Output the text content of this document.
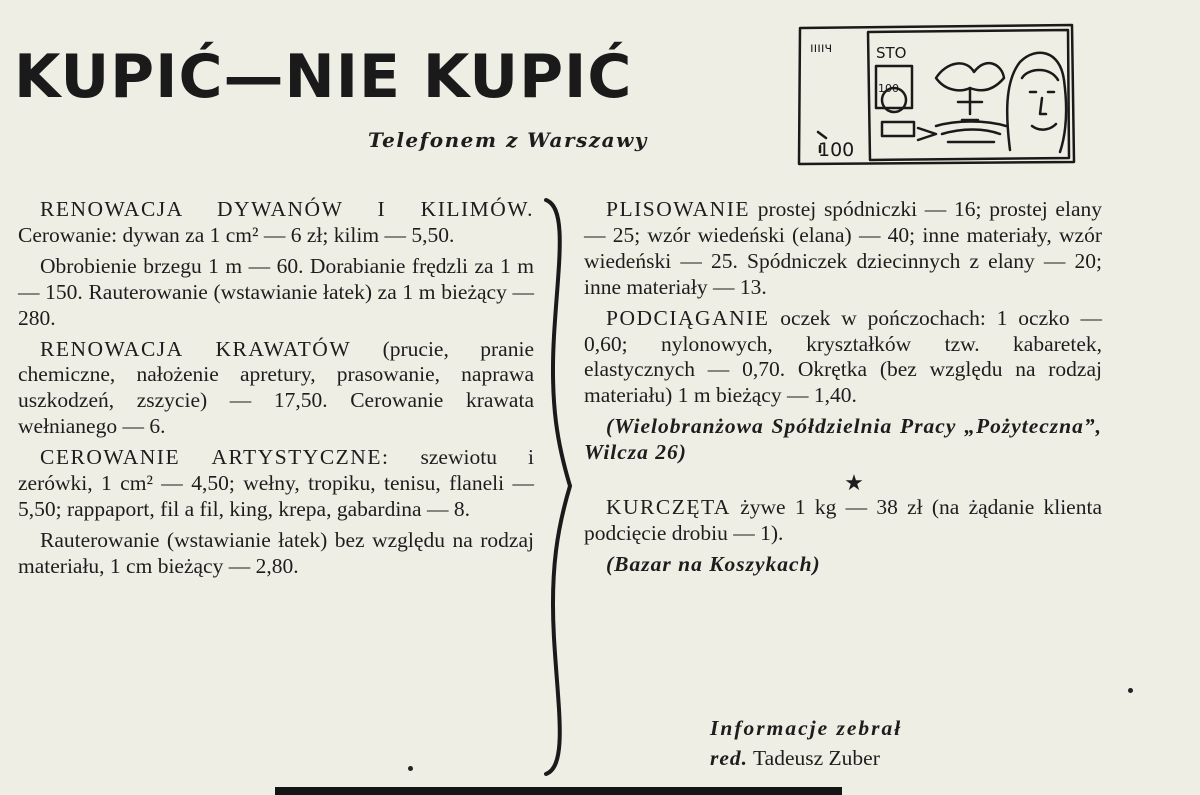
KUPIĆ—NIE KUPIĆ
Telefonem z Warszawy
ııııч	STO
100
100

RENOWACJA DYWANÓW I KILIMÓW. Cerowanie: dywan za 1 cm² — 6 zł; kilim — 5,50.

Obrobienie brzegu 1 m — 60. Dorabianie frędzli za 1 m — 150. Rauterowanie (wstawianie łatek) za 1 m bieżący — 280.

RENOWACJA KRAWATÓW (prucie, pranie chemiczne, nałożenie apretury, prasowanie, naprawa uszkodzeń, zszycie) — 17,50. Cerowanie krawata wełnianego — 6.

CEROWANIE ARTYSTYCZNE: szewiotu i zerówki, 1 cm² — 4,50; wełny, tropiku, tenisu, flaneli — 5,50; rappaport, fil a fil, king, krepa, gabardina — 8.

Rauterowanie (wstawianie łatek) bez względu na rodzaj materiału, 1 cm bieżący — 2,80.

PLISOWANIE prostej spódniczki — 16; prostej elany — 25; wzór wiedeński (elana) — 40; inne materiały, wzór wiedeński — 25. Spódniczek dziecinnych z elany — 20; inne materiały — 13.

PODCIĄGANIE oczek w pończochach: 1 oczko — 0,60; nylonowych, kryształków tzw. kabaretek, elastycznych — 0,70. Okrętka (bez względu na rodzaj materiału) 1 m bieżący — 1,40.

(Wielobranżowa Spółdzielnia Pracy „Pożyteczna”, Wilcza 26)

★

KURCZĘTA żywe 1 kg — 38 zł (na żądanie klienta podcięcie drobiu — 1).

(Bazar na Koszykach)

Informacje zebrał
red. Tadeusz Zuber
